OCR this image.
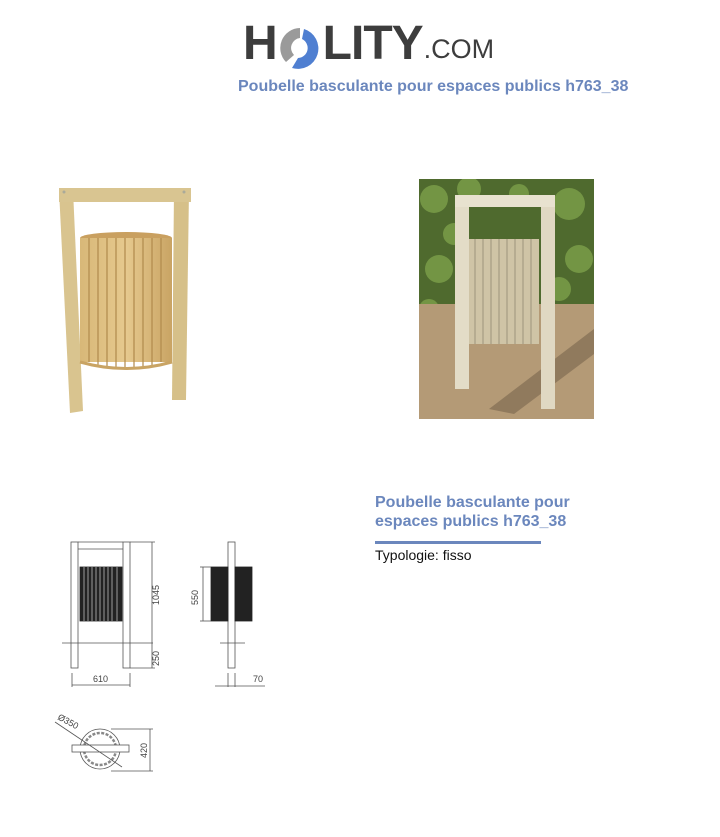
H LITY .COM
Poubelle basculante pour espaces publics h763_38
Poubelle basculante pour
espaces publics h763_38
Typologie: fisso
1045
250
610
550
70
Ø350
420
